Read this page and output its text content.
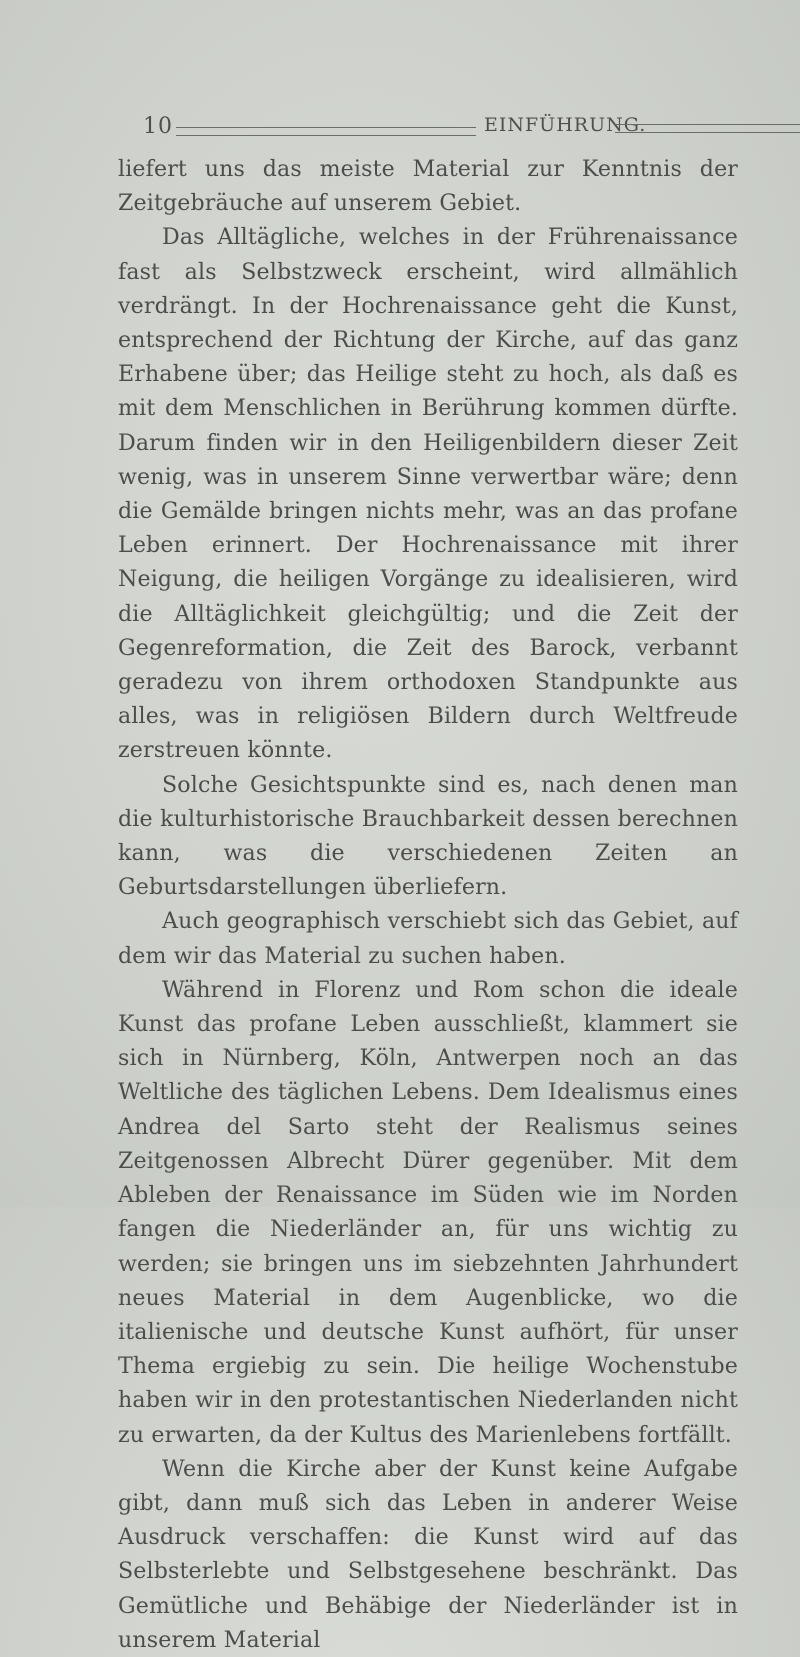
10	EINFÜHRUNG.

liefert uns das meiste Material zur Kenntnis der Zeitgebräuche auf unserem Gebiet.

Das Alltägliche, welches in der Frührenaissance fast als Selbstzweck erscheint, wird allmählich verdrängt. In der Hochrenaissance geht die Kunst, entsprechend der Richtung der Kirche, auf das ganz Erhabene über; das Heilige steht zu hoch, als daß es mit dem Menschlichen in Berührung kommen dürfte. Darum finden wir in den Heiligenbildern dieser Zeit wenig, was in unserem Sinne verwertbar wäre; denn die Gemälde bringen nichts mehr, was an das profane Leben erinnert. Der Hochrenaissance mit ihrer Neigung, die heiligen Vorgänge zu idealisieren, wird die Alltäglichkeit gleichgültig; und die Zeit der Gegenreformation, die Zeit des Barock, verbannt geradezu von ihrem orthodoxen Standpunkte aus alles, was in religiösen Bildern durch Weltfreude zerstreuen könnte.

Solche Gesichtspunkte sind es, nach denen man die kulturhistorische Brauchbarkeit dessen berechnen kann, was die verschiedenen Zeiten an Geburtsdarstellungen überliefern.

Auch geographisch verschiebt sich das Gebiet, auf dem wir das Material zu suchen haben.

Während in Florenz und Rom schon die ideale Kunst das profane Leben ausschließt, klammert sie sich in Nürnberg, Köln, Antwerpen noch an das Weltliche des täglichen Lebens. Dem Idealismus eines Andrea del Sarto steht der Realismus seines Zeitgenossen Albrecht Dürer gegenüber. Mit dem Ableben der Renaissance im Süden wie im Norden fangen die Niederländer an, für uns wichtig zu werden; sie bringen uns im siebzehnten Jahrhundert neues Material in dem Augenblicke, wo die italienische und deutsche Kunst aufhört, für unser Thema ergiebig zu sein. Die heilige Wochenstube haben wir in den protestantischen Niederlanden nicht zu erwarten, da der Kultus des Marienlebens fortfällt.

Wenn die Kirche aber der Kunst keine Aufgabe gibt, dann muß sich das Leben in anderer Weise Ausdruck verschaffen: die Kunst wird auf das Selbsterlebte und Selbstgesehene beschränkt. Das Gemütliche und Behäbige der Niederländer ist in unserem Material
